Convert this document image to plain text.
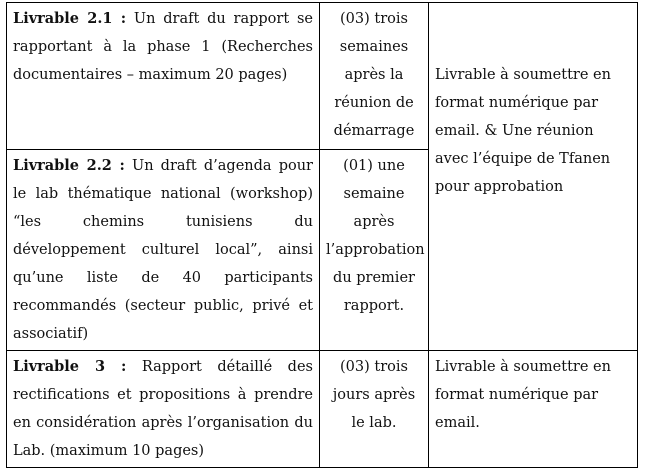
Livrable 2.1 : Un draft du rapport se rapportant à la phase 1 (Recherches documentaires – maximum 20 pages)	(03) trois semaines après la réunion de démarrage	Livrable à soumettre en format numérique par email. & Une réunion avec l’équipe de Tfanen pour approbation
Livrable 2.2 : Un draft d’agenda pour le lab thématique national (workshop) “les chemins tunisiens du développement culturel local”, ainsi qu’une liste de 40 participants recommandés (secteur public, privé et associatif)	(01) une semaine après l’approbation du premier rapport.	
Livrable 3 : Rapport détaillé des rectifications et propositions à prendre en considération après l’organisation du Lab. (maximum 10 pages)	(03) trois jours après le lab.	Livrable à soumettre en format numérique par email.
